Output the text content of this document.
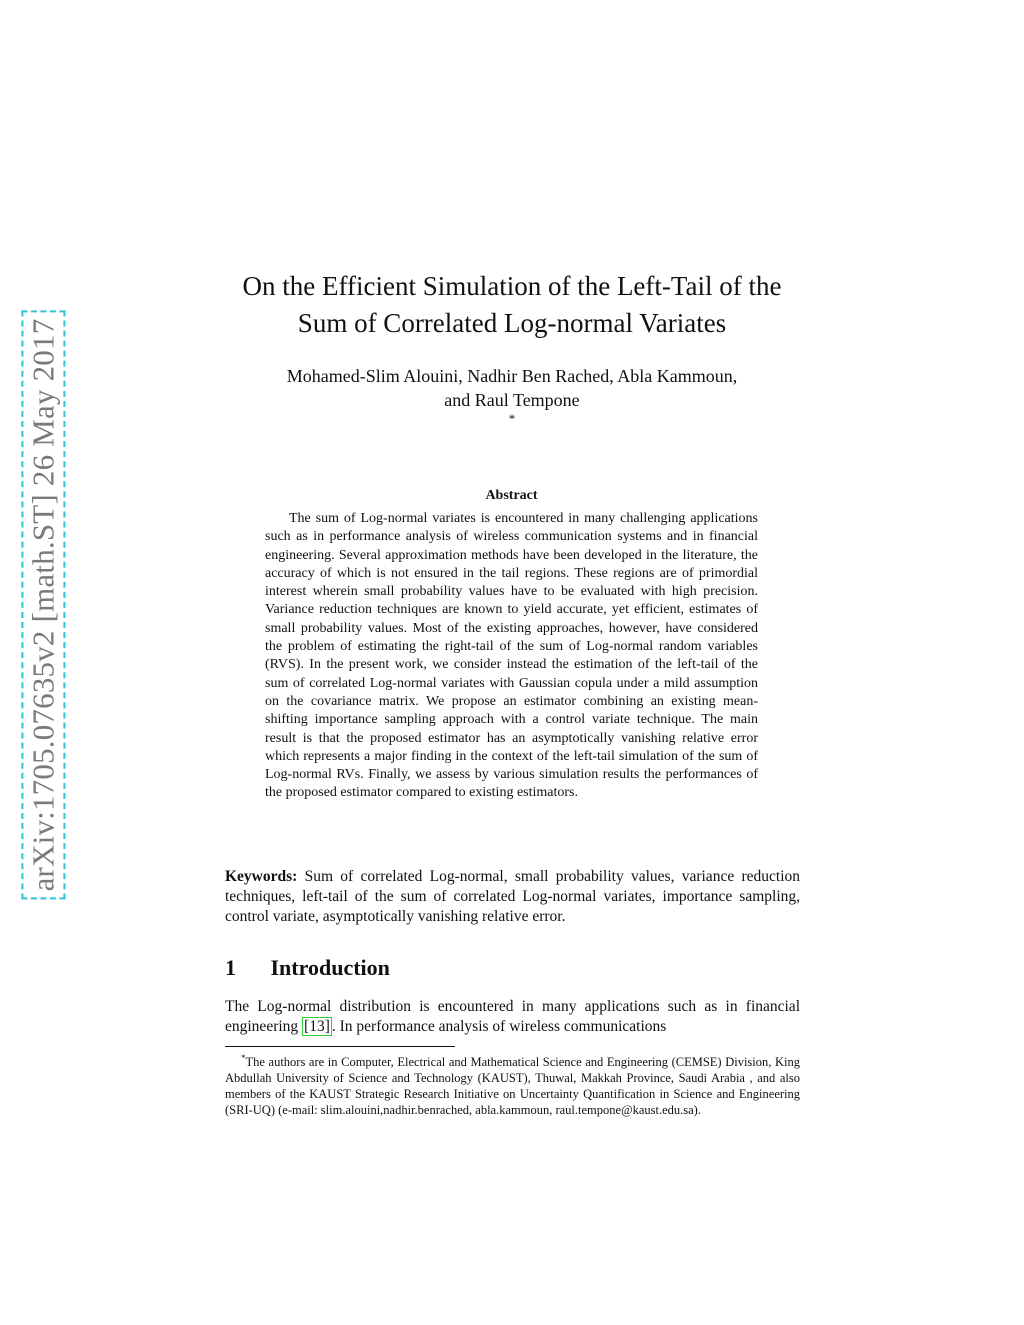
arXiv:1705.07635v2 [math.ST] 26 May 2017
On the Efficient Simulation of the Left-Tail of the
Sum of Correlated Log-normal Variates
Mohamed-Slim Alouini, Nadhir Ben Rached, Abla Kammoun,
and Raul Tempone
*
Abstract
The sum of Log-normal variates is encountered in many challenging applications such as in performance analysis of wireless communication systems and in financial engineering. Several approximation methods have been developed in the literature, the accuracy of which is not ensured in the tail regions. These regions are of primordial interest wherein small probability values have to be evaluated with high precision. Variance reduction techniques are known to yield accurate, yet efficient, estimates of small probability values. Most of the existing approaches, however, have considered the problem of estimating the right-tail of the sum of Log-normal random variables (RVS). In the present work, we consider instead the estimation of the left-tail of the sum of correlated Log-normal variates with Gaussian copula under a mild assumption on the covariance matrix. We propose an estimator combining an existing mean-shifting importance sampling approach with a control variate technique. The main result is that the proposed estimator has an asymptotically vanishing relative error which represents a major finding in the context of the left-tail simulation of the sum of Log-normal RVs. Finally, we assess by various simulation results the performances of the proposed estimator compared to existing estimators.
Keywords: Sum of correlated Log-normal, small probability values, variance reduction techniques, left-tail of the sum of correlated Log-normal variates, importance sampling, control variate, asymptotically vanishing relative error.
1 Introduction
The Log-normal distribution is encountered in many applications such as in financial engineering [13] . In performance analysis of wireless communications
*The authors are in Computer, Electrical and Mathematical Science and Engineering (CEMSE) Division, King Abdullah University of Science and Technology (KAUST), Thuwal, Makkah Province, Saudi Arabia , and also members of the KAUST Strategic Research Initiative on Uncertainty Quantification in Science and Engineering (SRI-UQ) (e-mail: slim.alouini,nadhir.benrached, abla.kammoun, raul.tempone@kaust.edu.sa).
